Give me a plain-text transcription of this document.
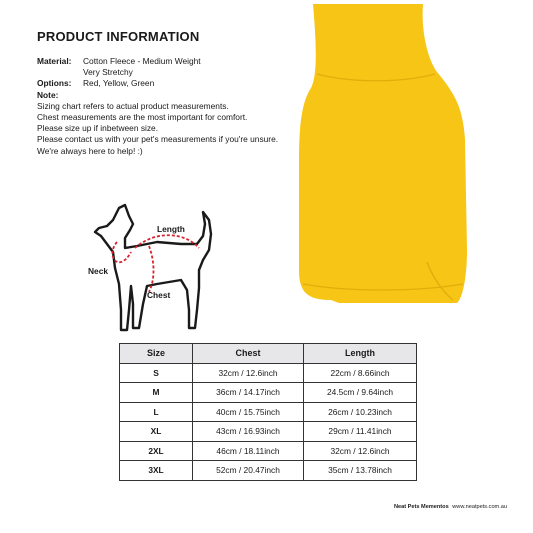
PRODUCT INFORMATION
Material:	Cotton Fleece - Medium Weight
Very Stretchy
Options:	Red, Yellow, Green
Note:
Sizing chart refers to actual product measurements.
Chest measurements are the most important for comfort.
Please size up if inbetween size.
Please contact us with your pet's measurements if you're unsure. We're always here to help! :)
Length
Neck
Chest
Size	Chest	Length
S	32cm / 12.6inch	22cm / 8.66inch
M	36cm / 14.17inch	24.5cm / 9.64inch
L	40cm / 15.75inch	26cm / 10.23inch
XL	43cm / 16.93inch	29cm / 11.41inch
2XL	46cm / 18.11inch	32cm / 12.6inch
3XL	52cm / 20.47inch	35cm / 13.78inch
Neat Pets Mementos www.neatpets.com.au
